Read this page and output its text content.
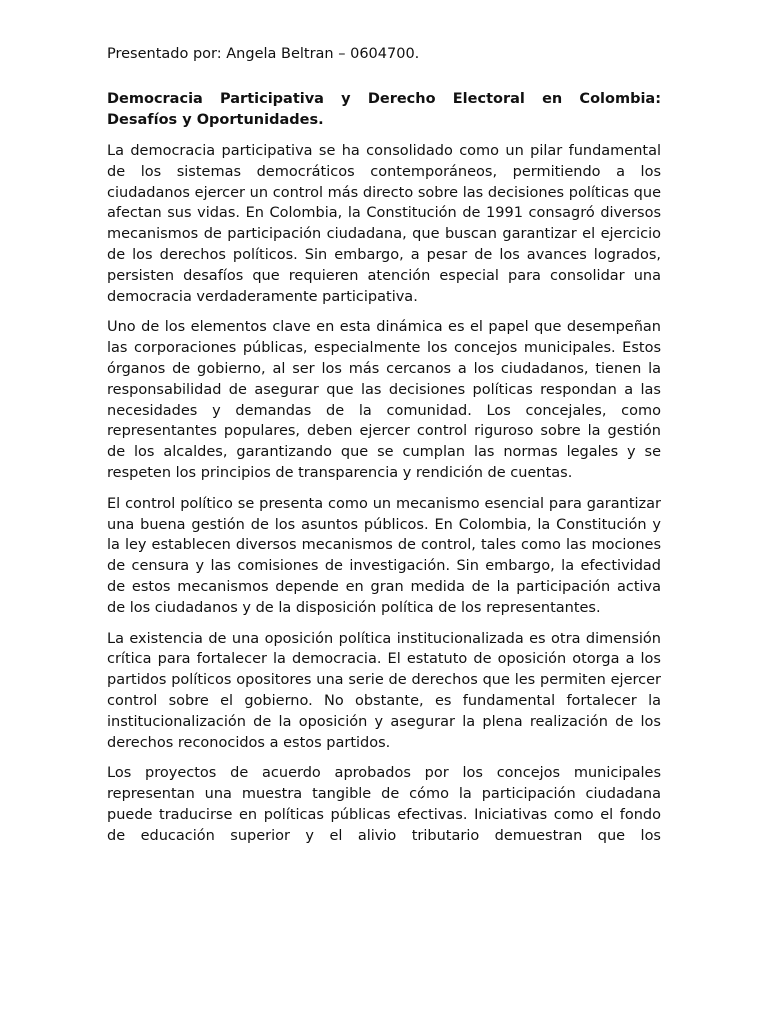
Presentado por: Angela Beltran – 0604700.

Democracia Participativa y Derecho Electoral en Colombia: Desafíos y Oportunidades.

La democracia participativa se ha consolidado como un pilar fundamental de los sistemas democráticos contemporáneos, permitiendo a los ciudadanos ejercer un control más directo sobre las decisiones políticas que afectan sus vidas. En Colombia, la Constitución de 1991 consagró diversos mecanismos de participación ciudadana, que buscan garantizar el ejercicio de los derechos políticos. Sin embargo, a pesar de los avances logrados, persisten desafíos que requieren atención especial para consolidar una democracia verdaderamente participativa.

Uno de los elementos clave en esta dinámica es el papel que desempeñan las corporaciones públicas, especialmente los concejos municipales. Estos órganos de gobierno, al ser los más cercanos a los ciudadanos, tienen la responsabilidad de asegurar que las decisiones políticas respondan a las necesidades y demandas de la comunidad. Los concejales, como representantes populares, deben ejercer control riguroso sobre la gestión de los alcaldes, garantizando que se cumplan las normas legales y se respeten los principios de transparencia y rendición de cuentas.

El control político se presenta como un mecanismo esencial para garantizar una buena gestión de los asuntos públicos. En Colombia, la Constitución y la ley establecen diversos mecanismos de control, tales como las mociones de censura y las comisiones de investigación. Sin embargo, la efectividad de estos mecanismos depende en gran medida de la participación activa de los ciudadanos y de la disposición política de los representantes.

La existencia de una oposición política institucionalizada es otra dimensión crítica para fortalecer la democracia. El estatuto de oposición otorga a los partidos políticos opositores una serie de derechos que les permiten ejercer control sobre el gobierno. No obstante, es fundamental fortalecer la institucionalización de la oposición y asegurar la plena realización de los derechos reconocidos a estos partidos.

Los proyectos de acuerdo aprobados por los concejos municipales representan una muestra tangible de cómo la participación ciudadana puede traducirse en políticas públicas efectivas. Iniciativas como el fondo de educación superior y el alivio tributario demuestran que los
